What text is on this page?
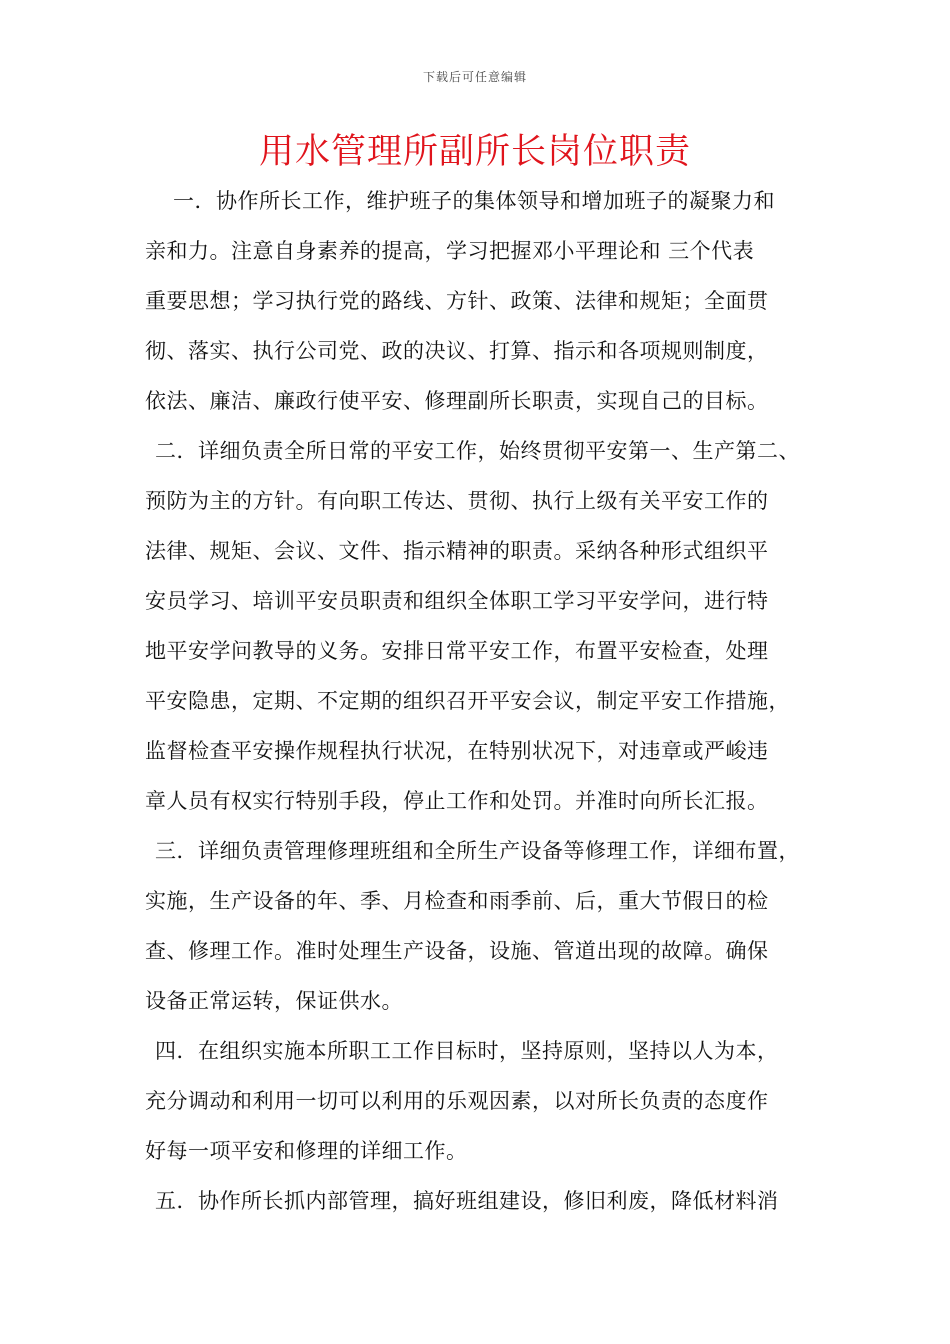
下载后可任意编辑
用水管理所副所长岗位职责
一．协作所长工作，维护班子的集体领导和增加班子的凝聚力和
亲和力。注意自身素养的提高，学习把握邓小平理论和 三个代表
重要思想；学习执行党的路线、方针、政策、法律和规矩；全面贯
彻、落实、执行公司党、政的决议、打算、指示和各项规则制度，
依法、廉洁、廉政行使平安、修理副所长职责，实现自己的目标。
二．详细负责全所日常的平安工作，始终贯彻平安第一、生产第二、
预防为主的方针。有向职工传达、贯彻、执行上级有关平安工作的
法律、规矩、会议、文件、指示精神的职责。采纳各种形式组织平
安员学习、培训平安员职责和组织全体职工学习平安学问，进行特
地平安学问教导的义务。安排日常平安工作，布置平安检查，处理
平安隐患，定期、不定期的组织召开平安会议，制定平安工作措施，
监督检查平安操作规程执行状况，在特别状况下，对违章或严峻违
章人员有权实行特别手段，停止工作和处罚。并准时向所长汇报。
三．详细负责管理修理班组和全所生产设备等修理工作，详细布置，
实施，生产设备的年、季、月检查和雨季前、后，重大节假日的检
查、修理工作。准时处理生产设备，设施、管道出现的故障。确保
设备正常运转，保证供水。
四．在组织实施本所职工工作目标时，坚持原则，坚持以人为本，
充分调动和利用一切可以利用的乐观因素，以对所长负责的态度作
好每一项平安和修理的详细工作。
五．协作所长抓内部管理，搞好班组建设，修旧利废，降低材料消
